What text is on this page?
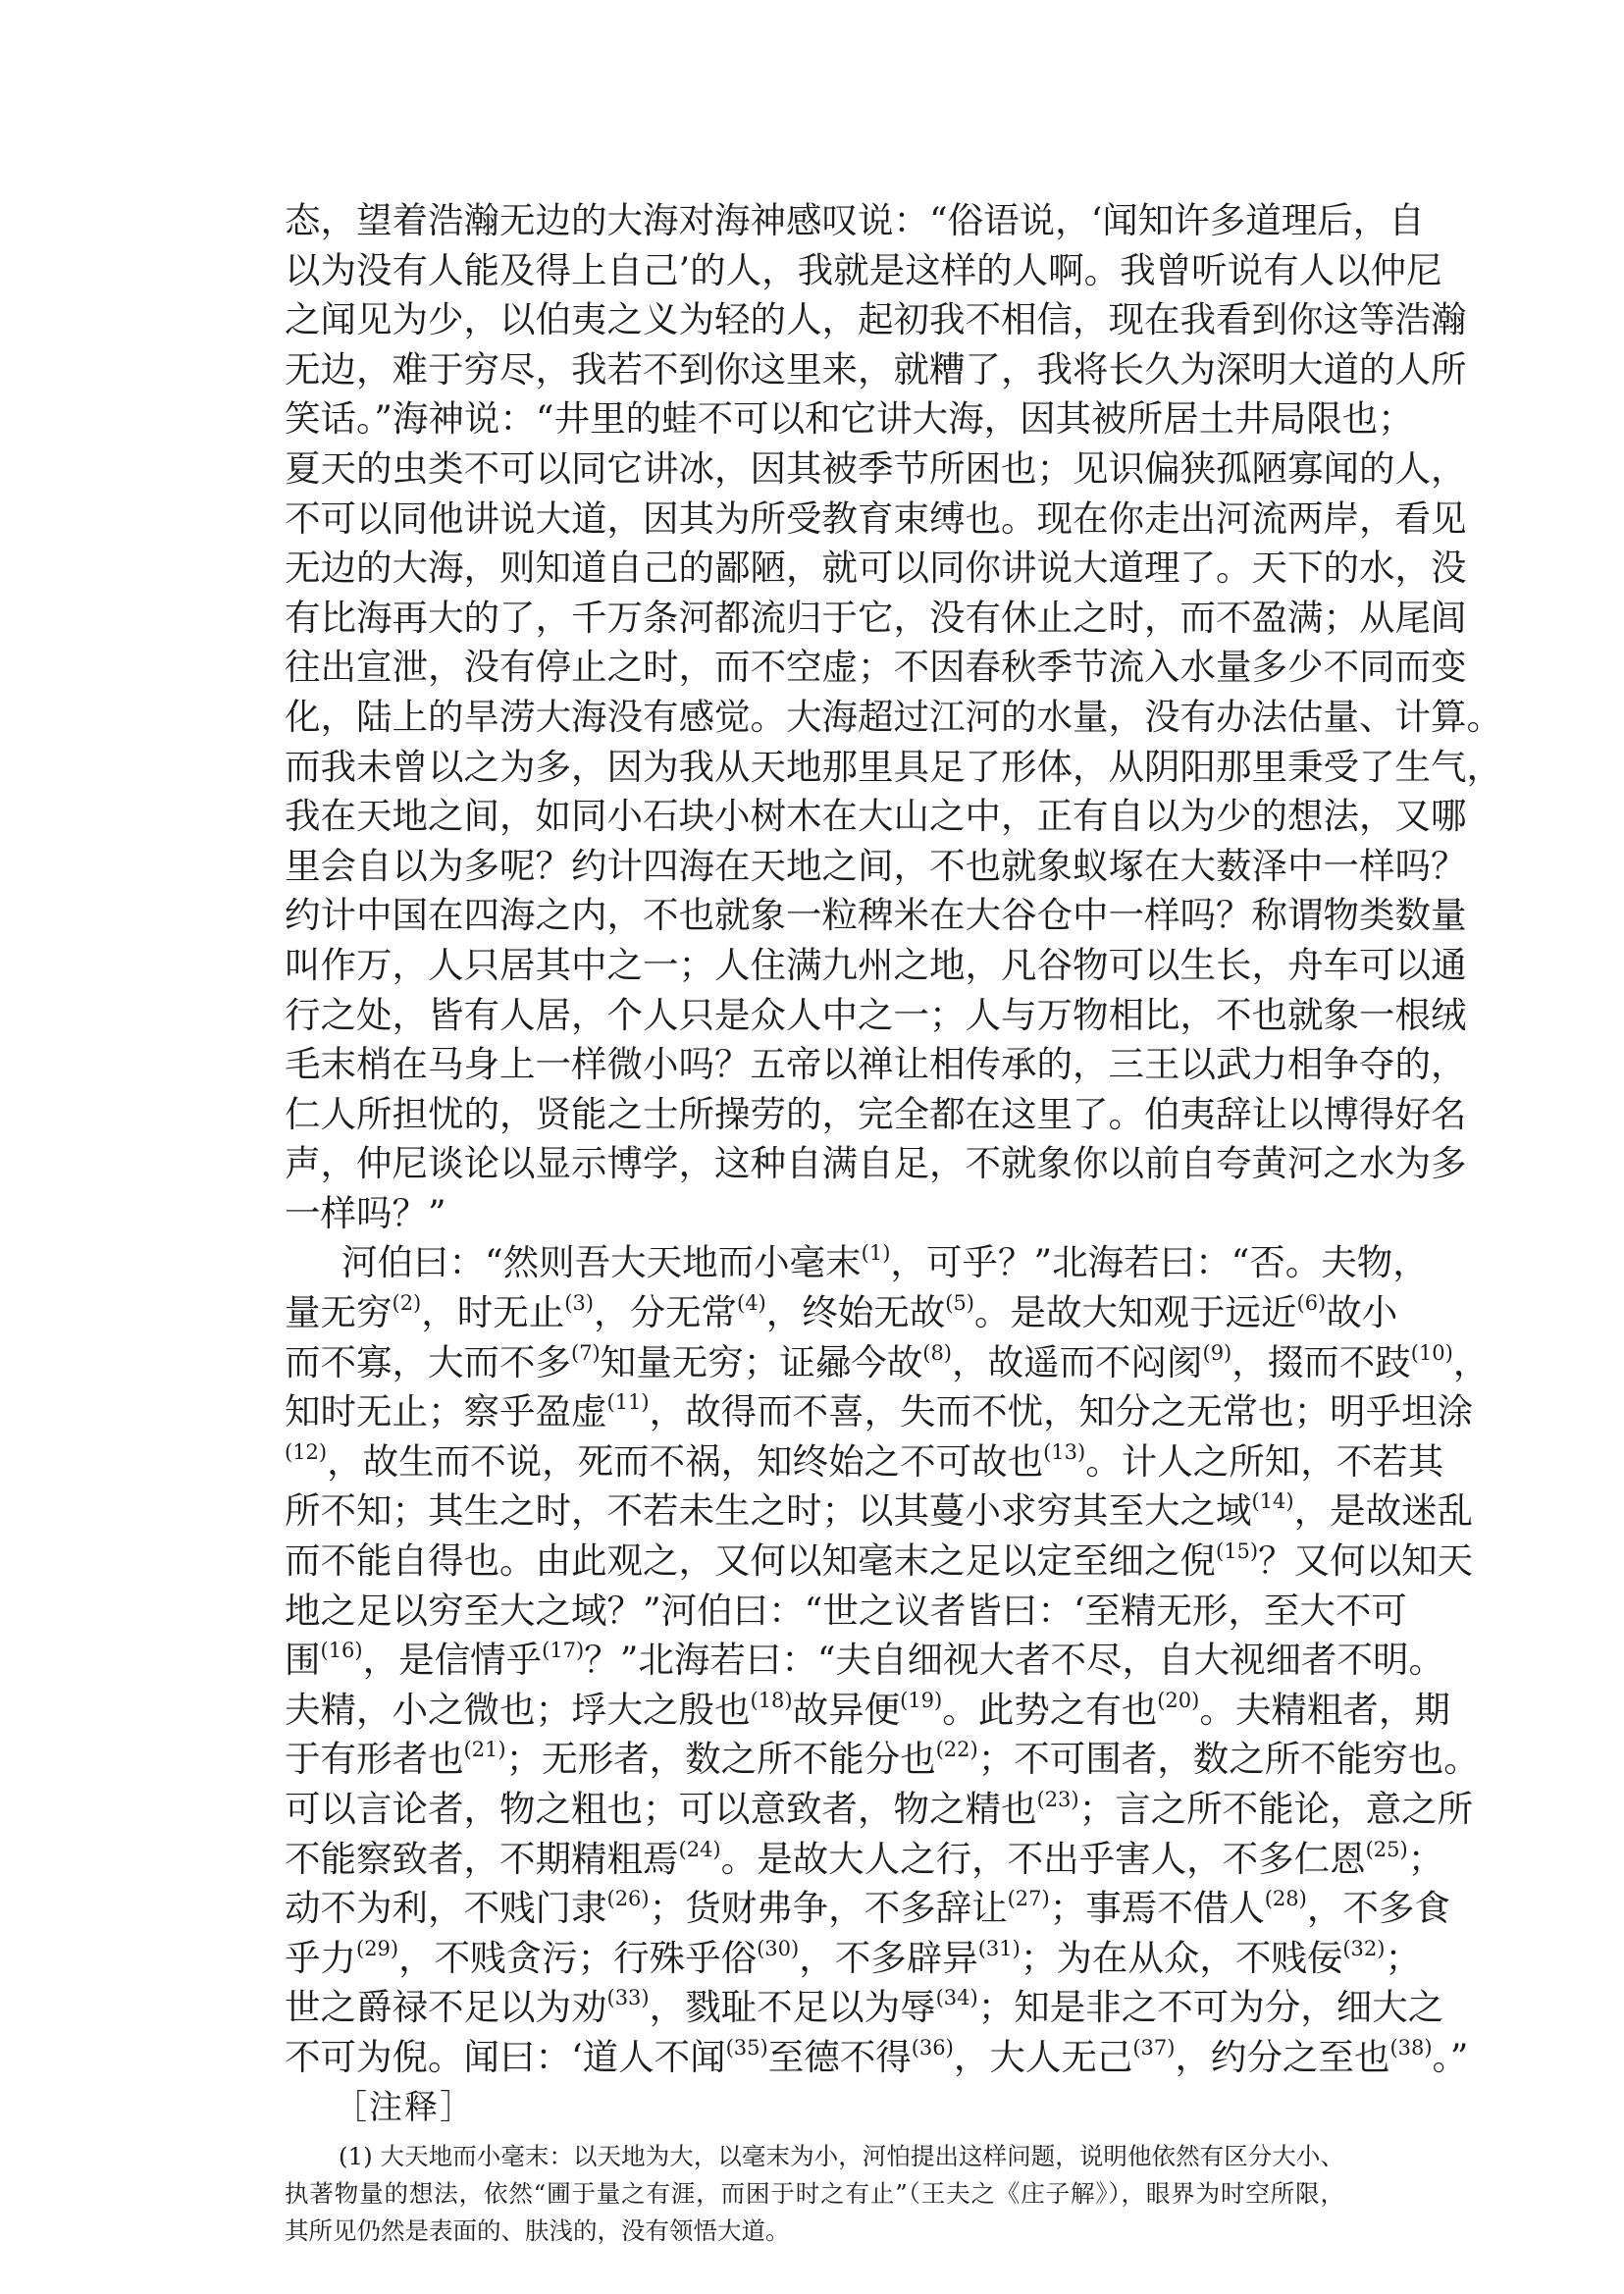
态，望着浩瀚无边的大海对海神感叹说：“俗语说，‘闻知许多道理后，自
以为没有人能及得上自己’的人，我就是这样的人啊。我曾听说有人以仲尼
之闻见为少，以伯夷之义为轻的人，起初我不相信，现在我看到你这等浩瀚
无边，难于穷尽，我若不到你这里来，就糟了，我将长久为深明大道的人所
笑话。”海神说：“井里的蛙不可以和它讲大海，因其被所居土井局限也；
夏天的虫类不可以同它讲冰，因其被季节所困也；见识偏狭孤陋寡闻的人，
不可以同他讲说大道，因其为所受教育束缚也。现在你走出河流两岸，看见
无边的大海，则知道自己的鄙陋，就可以同你讲说大道理了。天下的水，没
有比海再大的了，千万条河都流归于它，没有休止之时，而不盈满；从尾闾
往出宣泄，没有停止之时，而不空虚；不因春秋季节流入水量多少不同而变
化，陆上的旱涝大海没有感觉。大海超过江河的水量，没有办法估量、计算。
而我未曾以之为多，因为我从天地那里具足了形体，从阴阳那里秉受了生气，
我在天地之间，如同小石块小树木在大山之中，正有自以为少的想法，又哪
里会自以为多呢？约计四海在天地之间，不也就象蚁塚在大薮泽中一样吗？
约计中国在四海之内，不也就象一粒稗米在大谷仓中一样吗？称谓物类数量
叫作万，人只居其中之一；人住满九州之地，凡谷物可以生长，舟车可以通
行之处，皆有人居，个人只是众人中之一；人与万物相比，不也就象一根绒
毛末梢在马身上一样微小吗？五帝以禅让相传承的，三王以武力相争夺的，
仁人所担忧的，贤能之士所操劳的，完全都在这里了。伯夷辞让以博得好名
声，仲尼谈论以显示博学，这种自满自足，不就象你以前自夸黄河之水为多
一样吗？”
河伯曰：“然则吾大天地而小毫末$^{(1)}$，可乎？”北海若曰：“否。夫物，
量无穷$^{(2)}$，时无止$^{(3)}$，分无常$^{(4)}$，终始无故$^{(5)}$。是故大知观于远近$^{(6)}$故小
而不寡，大而不多$^{(7)}$知量无穷；证曏今故$^{(8)}$，故遥而不闷阂$^{(9)}$，掇而不跂$^{(10)}$，
知时无止；察乎盈虚$^{(11)}$，故得而不喜，失而不忧，知分之无常也；明乎坦涂
$^{(12)}$，故生而不说，死而不祸，知终始之不可故也$^{(13)}$。计人之所知，不若其
所不知；其生之时，不若未生之时；以其蔓小求穷其至大之域$^{(14)}$，是故迷乱
而不能自得也。由此观之，又何以知毫末之足以定至细之倪$^{(15)}$？又何以知天
地之足以穷至大之域？”河伯曰：“世之议者皆曰：‘至精无形，至大不可
围$^{(16)}$，是信情乎$^{(17)}$？”北海若曰：“夫自细视大者不尽，自大视细者不明。
夫精，小之微也；垺大之殷也$^{(18)}$故异便$^{(19)}$。此势之有也$^{(20)}$。夫精粗者，期
于有形者也$^{(21)}$；无形者，数之所不能分也$^{(22)}$；不可围者，数之所不能穷也。
可以言论者，物之粗也；可以意致者，物之精也$^{(23)}$；言之所不能论，意之所
不能察致者，不期精粗焉$^{(24)}$。是故大人之行，不出乎害人，不多仁恩$^{(25)}$；
动不为利，不贱门隶$^{(26)}$；货财弗争，不多辞让$^{(27)}$；事焉不借人$^{(28)}$，不多食
乎力$^{(29)}$，不贱贪污；行殊乎俗$^{(30)}$，不多辟异$^{(31)}$；为在从众，不贱佞$^{(32)}$；
世之爵禄不足以为劝$^{(33)}$，戮耻不足以为辱$^{(34)}$；知是非之不可为分，细大之
不可为倪。闻曰：‘道人不闻$^{(35)}$至德不得$^{(36)}$，大人无己$^{(37)}$，约分之至也$^{(38)}$。”
［注释］
(1) 大天地而小毫末：以天地为大，以毫末为小，河怕提出这样问题，说明他依然有区分大小、
执著物量的想法，依然“圃于量之有涯，而困于时之有止”（王夫之《庄子解》），眼界为时空所限，
其所见仍然是表面的、肤浅的，没有领悟大道。
